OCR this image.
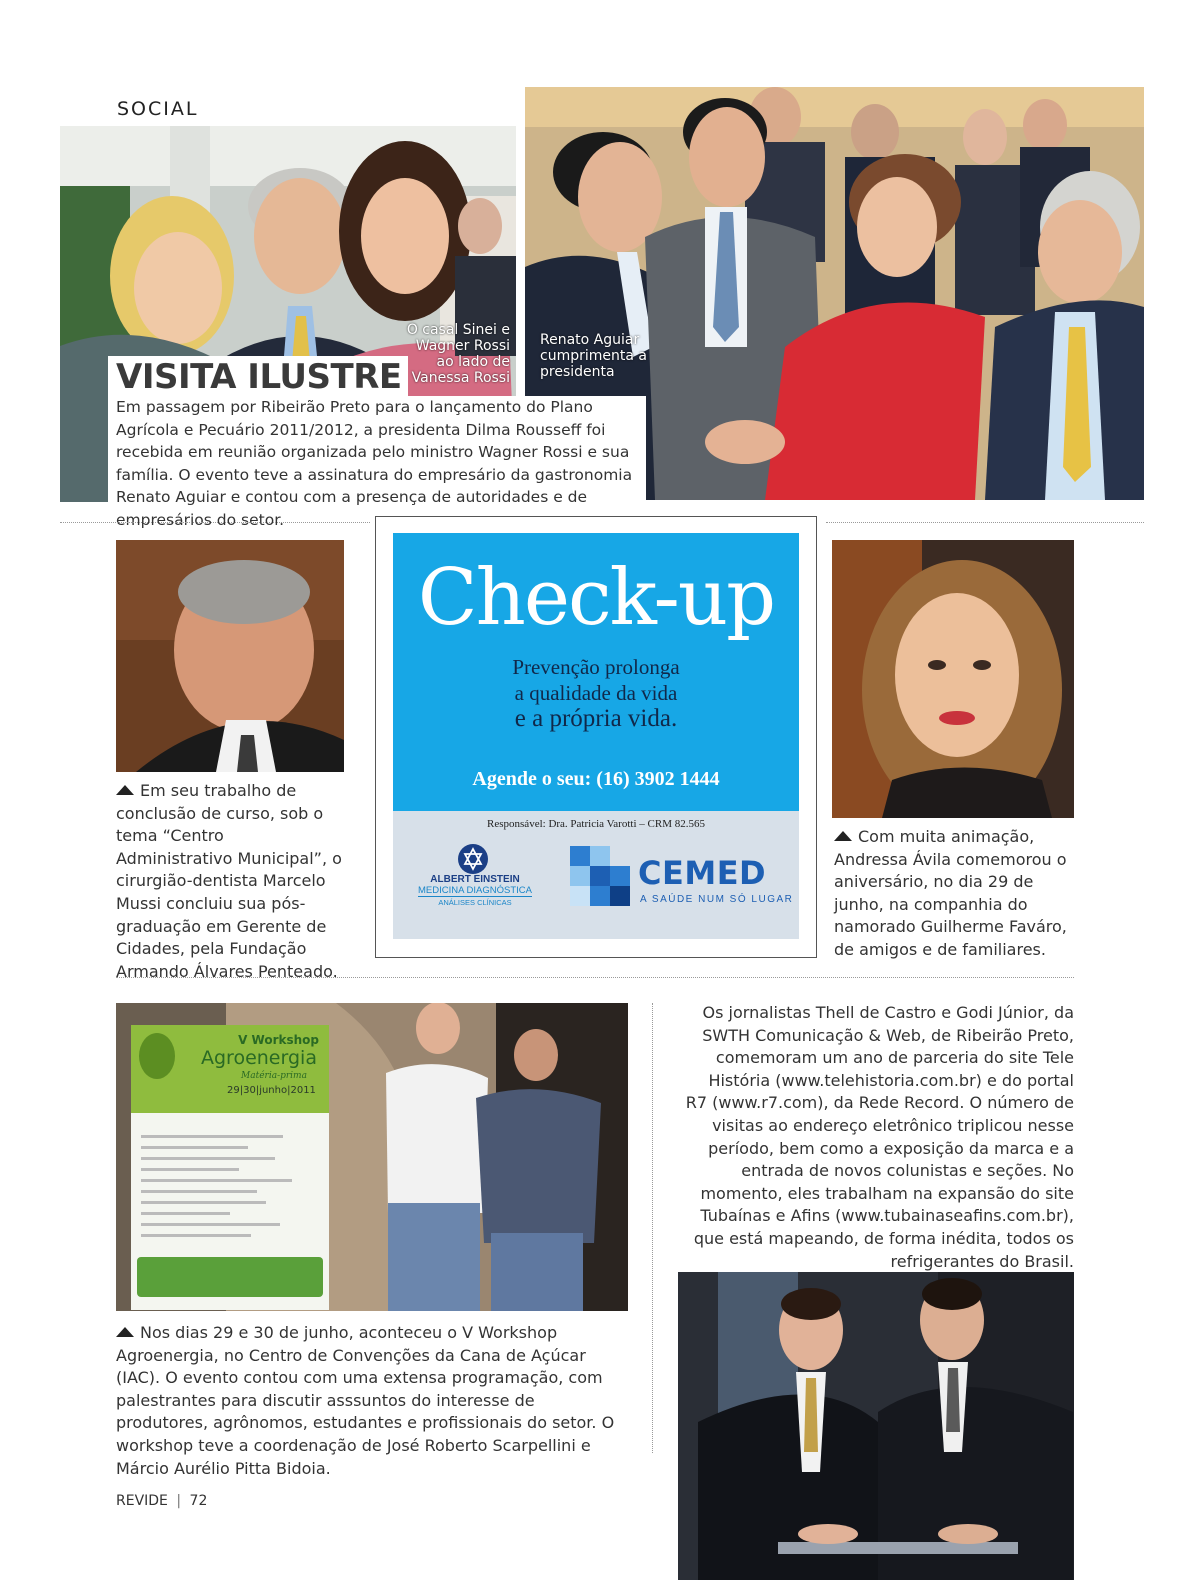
SOCIAL
O casal Sinei e Wagner Rossi ao lado de Vanessa Rossi
Renato Aguiar cumprimenta a presidenta
VISITA ILUSTRE
Em passagem por Ribeirão Preto para o lançamento do Plano Agrícola e Pecuário 2011/2012, a presidenta Dilma Rousseff foi recebida em reunião organizada pelo ministro Wagner Rossi e sua família. O evento teve a assinatura do empresário da gastronomia Renato Aguiar e contou com a presença de autoridades e de empresários do setor.
Em seu trabalho de conclusão de curso, sob o tema “Centro Administrativo Municipal”, o cirurgião-dentista Marcelo Mussi concluiu sua pós-graduação em Gerente de Cidades, pela Fundação Armando Álvares Penteado.
Com muita animação, Andressa Ávila comemorou o aniversário, no dia 29 de junho, na companhia do namorado Guilherme Faváro, de amigos e de familiares.
Check-up
Prevenção prolonga
a qualidade da vida
e a própria vida.
Agende o seu: (16) 3902 1444
Responsável: Dra. Patricia Varotti – CRM 82.565
ALBERT EINSTEIN
MEDICINA DIAGNÓSTICA
ANÁLISES CLÍNICAS
CEMED
A SAÚDE NUM SÓ LUGAR
V Workshop
Agroenergia
Matéria-prima
29|30|junho|2011
Nos dias 29 e 30 de junho, aconteceu o V Workshop Agroenergia, no Centro de Convenções da Cana de Açúcar (IAC). O evento contou com uma extensa programação, com palestrantes para discutir asssuntos do interesse de produtores, agrônomos, estudantes e profissionais do setor. O workshop teve a coordenação de José Roberto Scarpellini e Márcio Aurélio Pitta Bidoia.
Os jornalistas Thell de Castro e Godi Júnior, da SWTH Comunicação & Web, de Ribeirão Preto, comemoram um ano de parceria do site Tele História (www.telehistoria.com.br) e do portal R7 (www.r7.com), da Rede Record. O número de visitas ao endereço eletrônico triplicou nesse período, bem como a exposição da marca e a entrada de novos colunistas e seções. No momento, eles trabalham na expansão do site Tubaínas e Afins (www.tubainaseafins.com.br), que está mapeando, de forma inédita, todos os refrigerantes do Brasil.
REVIDE | 72
